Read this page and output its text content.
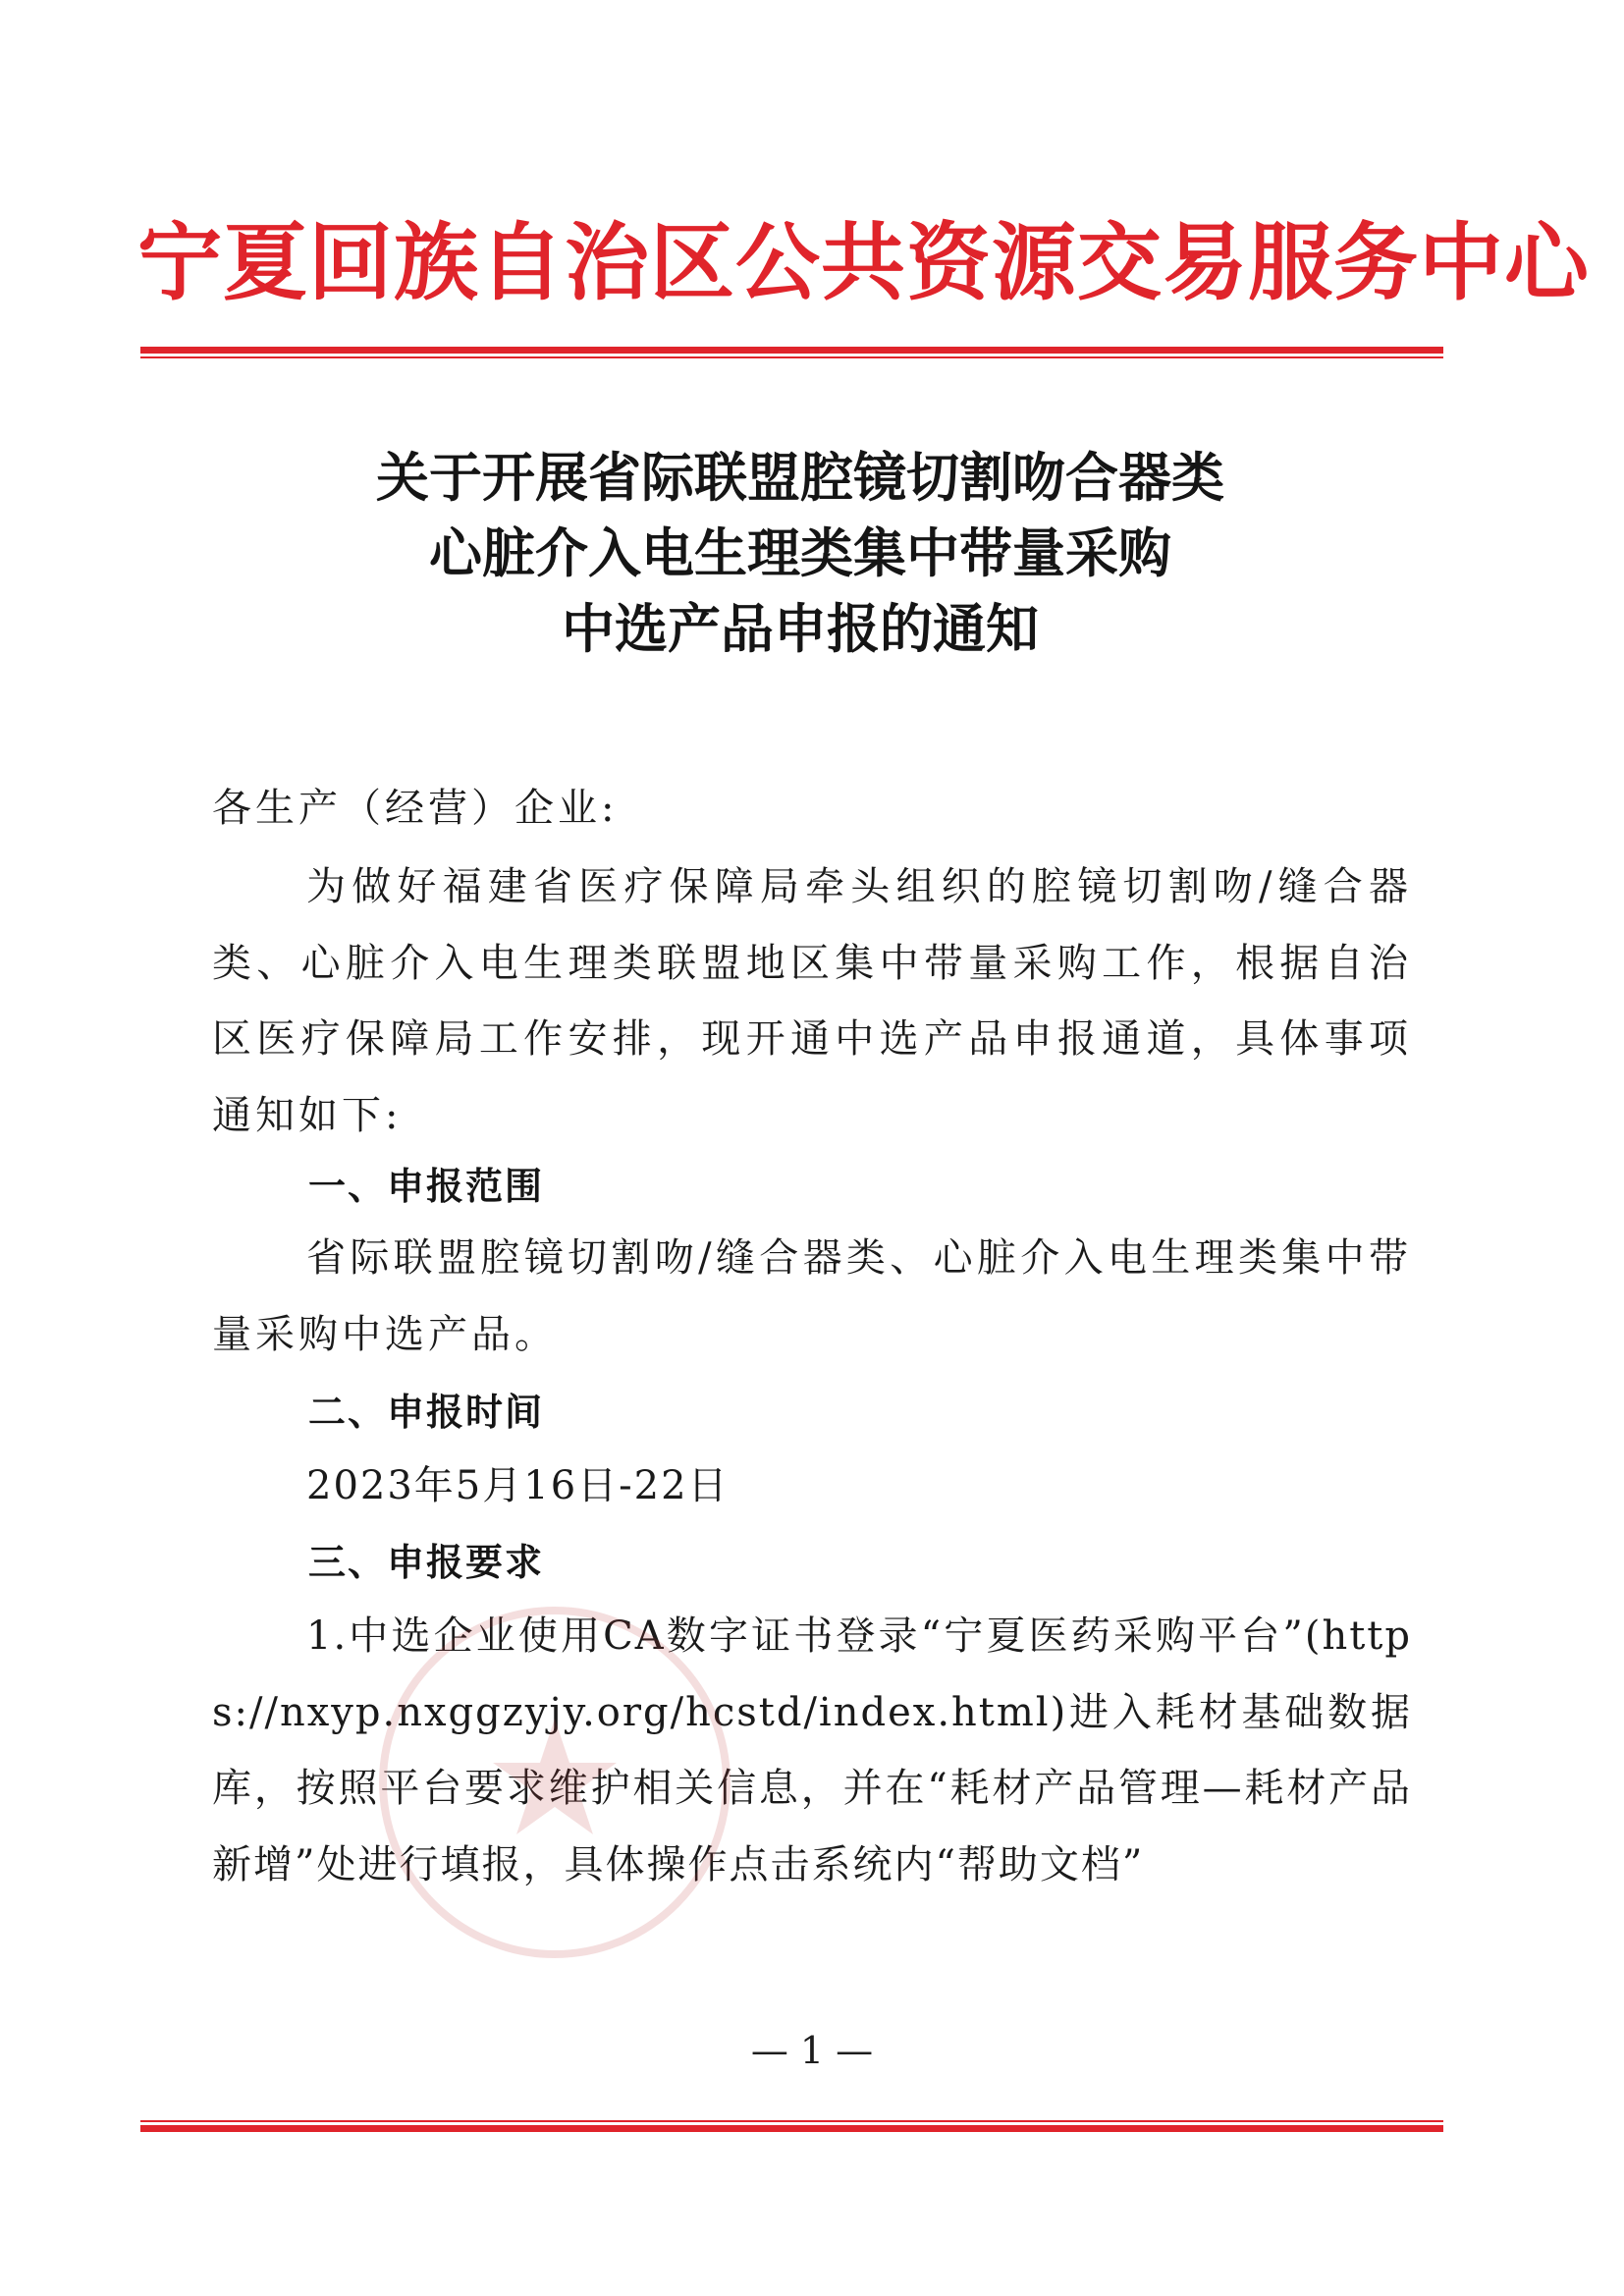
宁夏回族自治区公共资源交易服务中心
关于开展省际联盟腔镜切割吻合器类
心脏介入电生理类集中带量采购
中选产品申报的通知
各生产（经营）企业:
为做好福建省医疗保障局牵头组织的腔镜切割吻/缝合器类、心脏介入电生理类联盟地区集中带量采购工作，根据自治区医疗保障局工作安排，现开通中选产品申报通道，具体事项通知如下:
一、申报范围
省际联盟腔镜切割吻/缝合器类、心脏介入电生理类集中带量采购中选产品。
二、申报时间
2023年5月16日-22日
三、申报要求
1.中选企业使用CA数字证书登录“宁夏医药采购平台”(https://nxyp.nxggzyjy.org/hcstd/index.html)进入耗材基础数据库，按照平台要求维护相关信息，并在“耗材产品管理—耗材产品新增”处进行填报，具体操作点击系统内“帮助文档”
— 1 —
